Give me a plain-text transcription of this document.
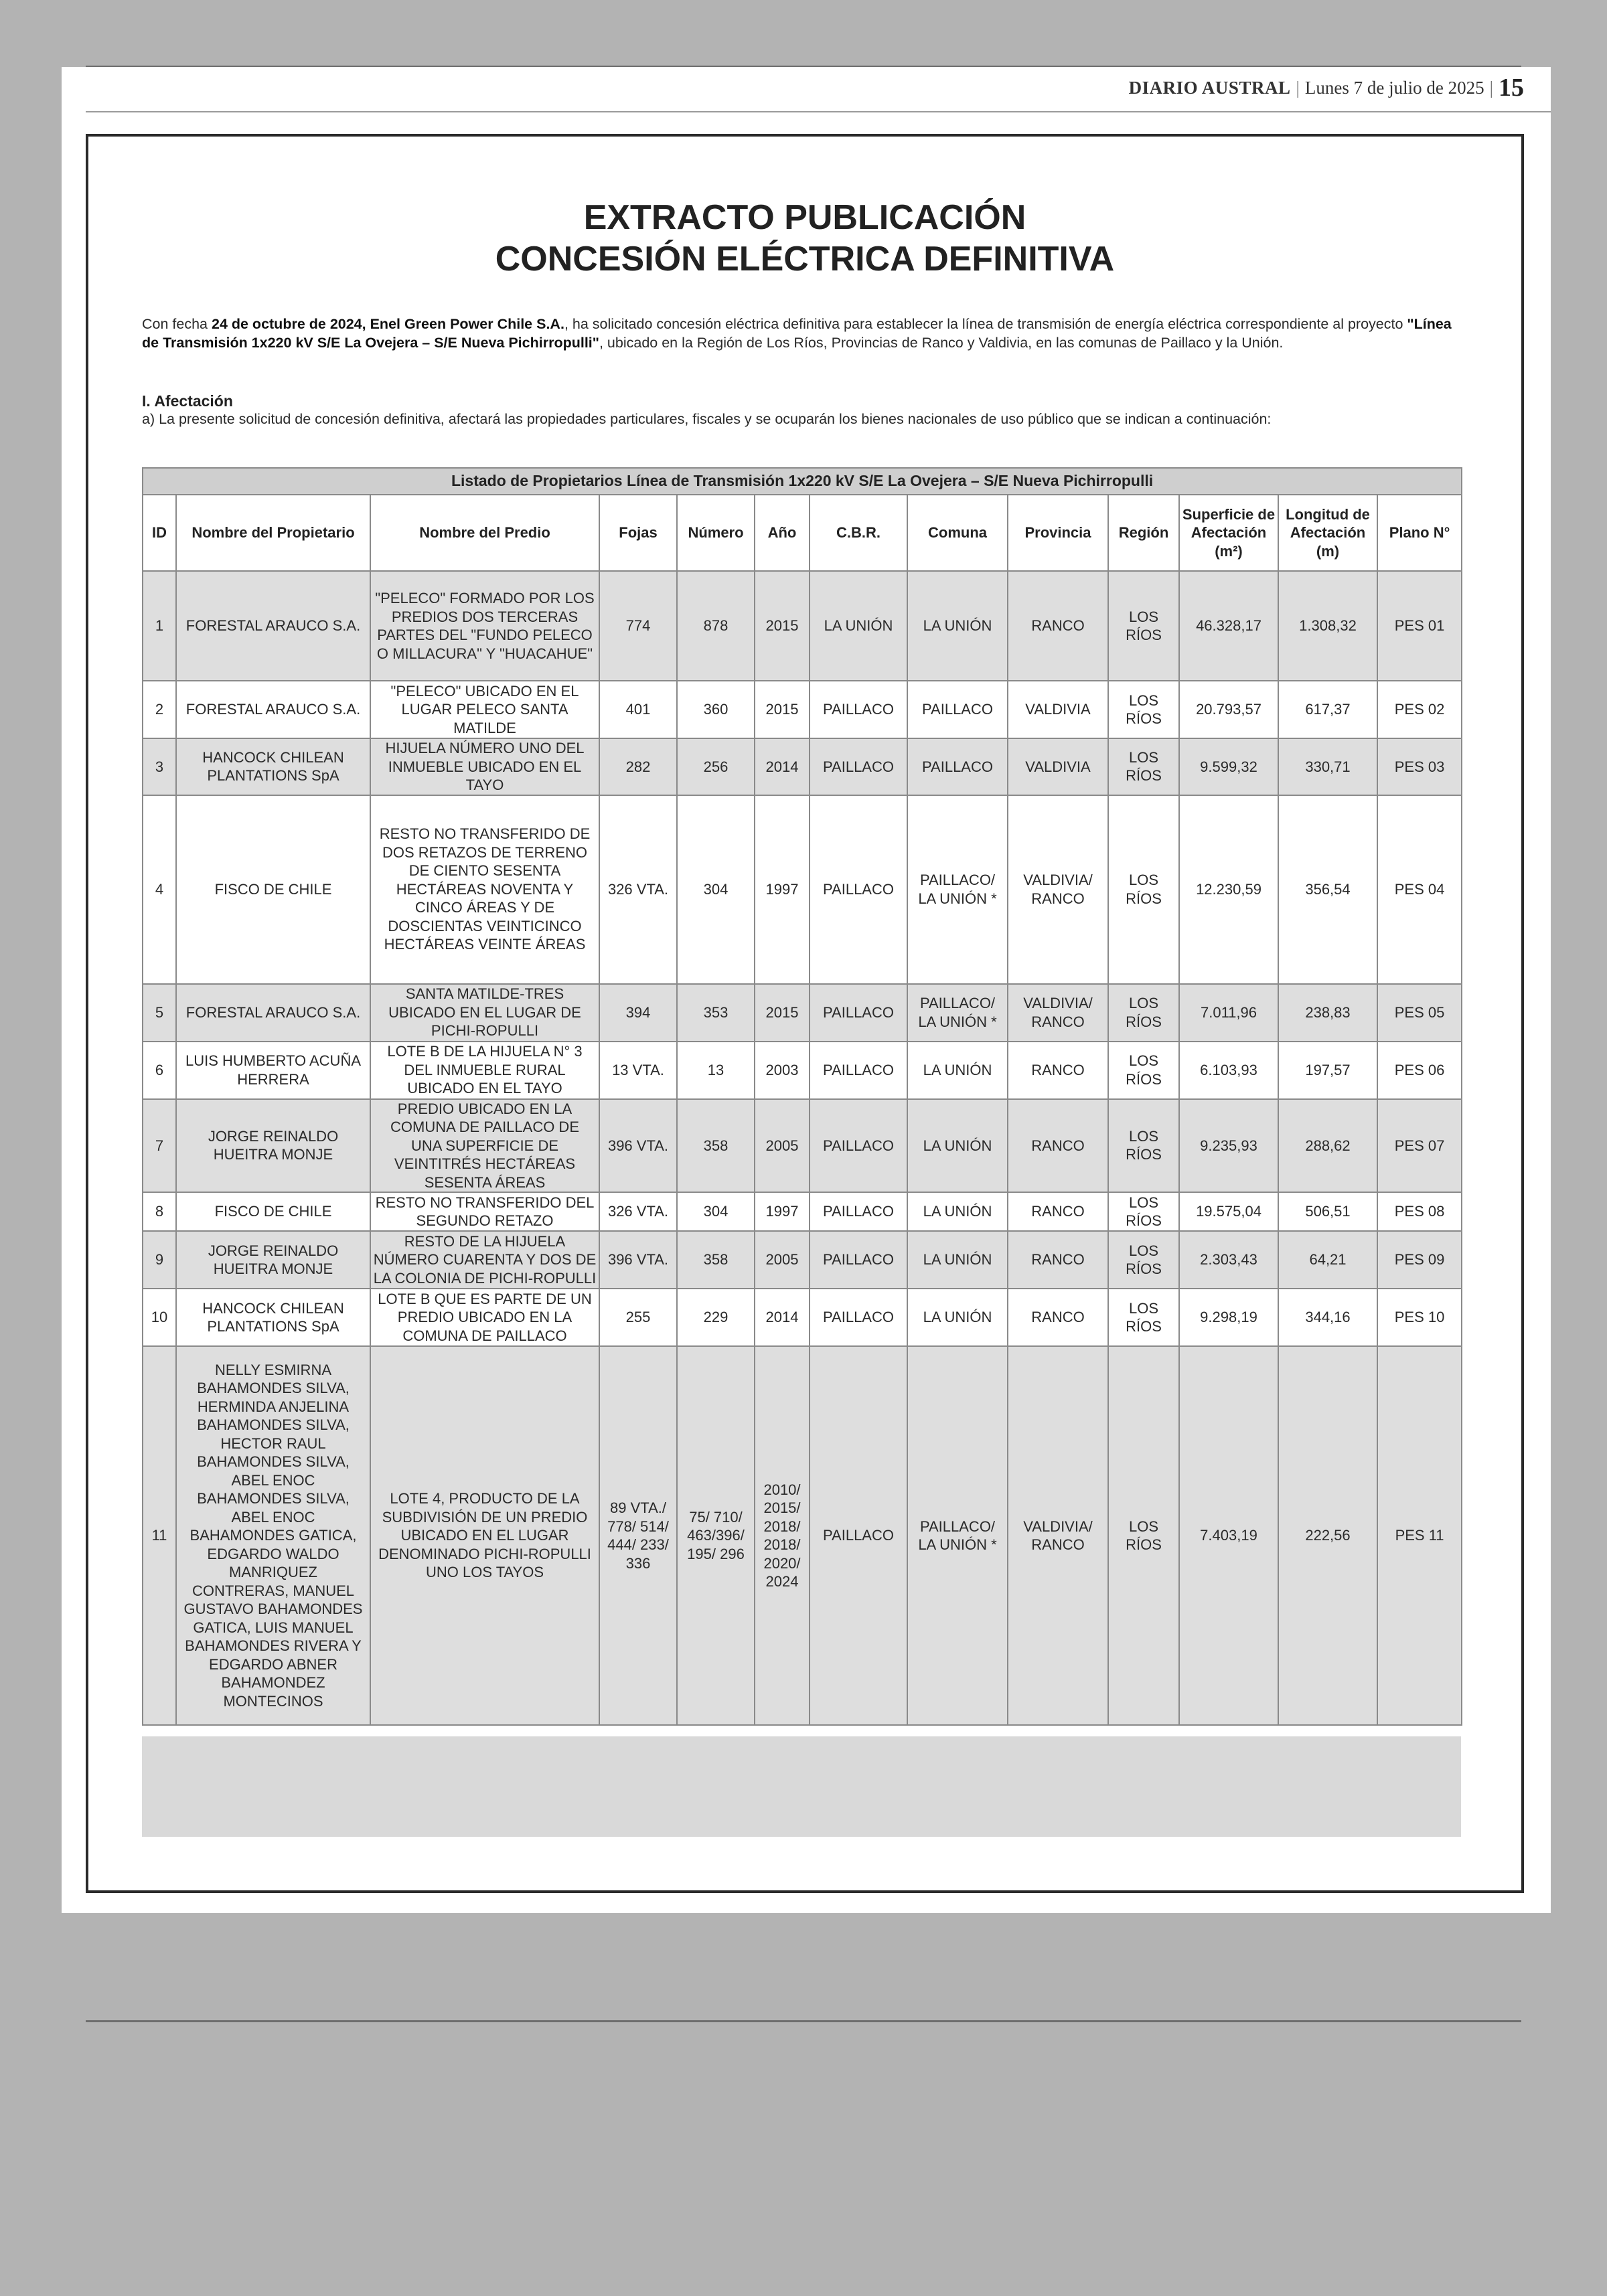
DIARIO AUSTRAL | Lunes 7 de julio de 2025 | 15
EXTRACTO PUBLICACIÓN
CONCESIÓN ELÉCTRICA DEFINITIVA
Con fecha 24 de octubre de 2024, Enel Green Power Chile S.A., ha solicitado concesión eléctrica definitiva para establecer la línea de transmisión de energía eléctrica correspondiente al proyecto "Línea de Transmisión 1x220 kV S/E La Ovejera – S/E Nueva Pichirropulli", ubicado en la Región de Los Ríos, Provincias de Ranco y Valdivia, en las comunas de Paillaco y la Unión.
I. Afectación
a) La presente solicitud de concesión definitiva, afectará las propiedades particulares, fiscales y se ocuparán los bienes nacionales de uso público que se indican a continuación:
Listado de Propietarios Línea de Transmisión 1x220 kV S/E La Ovejera – S/E Nueva Pichirropulli												
ID	Nombre del Propietario	Nombre del Predio	Fojas	Número	Año	C.B.R.	Comuna	Provincia	Región	Superficie de Afectación (m²)	Longitud de Afectación (m)	Plano N°
1	FORESTAL ARAUCO S.A.	"PELECO" FORMADO POR LOS PREDIOS DOS TERCERAS PARTES DEL "FUNDO PELECO O MILLACURA" Y "HUACAHUE"	774	878	2015	LA UNIÓN	LA UNIÓN	RANCO	LOS RÍOS	46.328,17	1.308,32	PES 01
2	FORESTAL ARAUCO S.A.	"PELECO" UBICADO EN EL LUGAR PELECO SANTA MATILDE	401	360	2015	PAILLACO	PAILLACO	VALDIVIA	LOS RÍOS	20.793,57	617,37	PES 02
3	HANCOCK CHILEAN PLANTATIONS SpA	HIJUELA NÚMERO UNO DEL INMUEBLE UBICADO EN EL TAYO	282	256	2014	PAILLACO	PAILLACO	VALDIVIA	LOS RÍOS	9.599,32	330,71	PES 03
4	FISCO DE CHILE	RESTO NO TRANSFERIDO DE DOS RETAZOS DE TERRENO DE CIENTO SESENTA HECTÁREAS NOVENTA Y CINCO ÁREAS Y DE DOSCIENTAS VEINTICINCO HECTÁREAS VEINTE ÁREAS	326 VTA.	304	1997	PAILLACO	PAILLACO/ LA UNIÓN *	VALDIVIA/ RANCO	LOS RÍOS	12.230,59	356,54	PES 04
5	FORESTAL ARAUCO S.A.	SANTA MATILDE-TRES UBICADO EN EL LUGAR DE PICHI-ROPULLI	394	353	2015	PAILLACO	PAILLACO/ LA UNIÓN *	VALDIVIA/ RANCO	LOS RÍOS	7.011,96	238,83	PES 05
6	LUIS HUMBERTO ACUÑA HERRERA	LOTE B DE LA HIJUELA N° 3 DEL INMUEBLE RURAL UBICADO EN EL TAYO	13 VTA.	13	2003	PAILLACO	LA UNIÓN	RANCO	LOS RÍOS	6.103,93	197,57	PES 06
7	JORGE REINALDO HUEITRA MONJE	PREDIO UBICADO EN LA COMUNA DE PAILLACO DE UNA SUPERFICIE DE VEINTITRÉS HECTÁREAS SESENTA ÁREAS	396 VTA.	358	2005	PAILLACO	LA UNIÓN	RANCO	LOS RÍOS	9.235,93	288,62	PES 07
8	FISCO DE CHILE	RESTO NO TRANSFERIDO DEL SEGUNDO RETAZO	326 VTA.	304	1997	PAILLACO	LA UNIÓN	RANCO	LOS RÍOS	19.575,04	506,51	PES 08
9	JORGE REINALDO HUEITRA MONJE	RESTO DE LA HIJUELA NÚMERO CUARENTA Y DOS DE LA COLONIA DE PICHI-ROPULLI	396 VTA.	358	2005	PAILLACO	LA UNIÓN	RANCO	LOS RÍOS	2.303,43	64,21	PES 09
10	HANCOCK CHILEAN PLANTATIONS SpA	LOTE B QUE ES PARTE DE UN PREDIO UBICADO EN LA COMUNA DE PAILLACO	255	229	2014	PAILLACO	LA UNIÓN	RANCO	LOS RÍOS	9.298,19	344,16	PES 10
11	NELLY ESMIRNA BAHAMONDES SILVA, HERMINDA ANJELINA BAHAMONDES SILVA, HECTOR RAUL BAHAMONDES SILVA, ABEL ENOC BAHAMONDES SILVA, ABEL ENOC BAHAMONDES GATICA, EDGARDO WALDO MANRIQUEZ CONTRERAS, MANUEL GUSTAVO BAHAMONDES GATICA, LUIS MANUEL BAHAMONDES RIVERA Y EDGARDO ABNER BAHAMONDEZ MONTECINOS	LOTE 4, PRODUCTO DE LA SUBDIVISIÓN DE UN PREDIO UBICADO EN EL LUGAR DENOMINADO PICHI-ROPULLI UNO LOS TAYOS	89 VTA./ 778/ 514/ 444/ 233/ 336	75/ 710/ 463/396/ 195/ 296	2010/ 2015/ 2018/ 2018/ 2020/ 2024	PAILLACO	PAILLACO/ LA UNIÓN *	VALDIVIA/ RANCO	LOS RÍOS	7.403,19	222,56	PES 11
